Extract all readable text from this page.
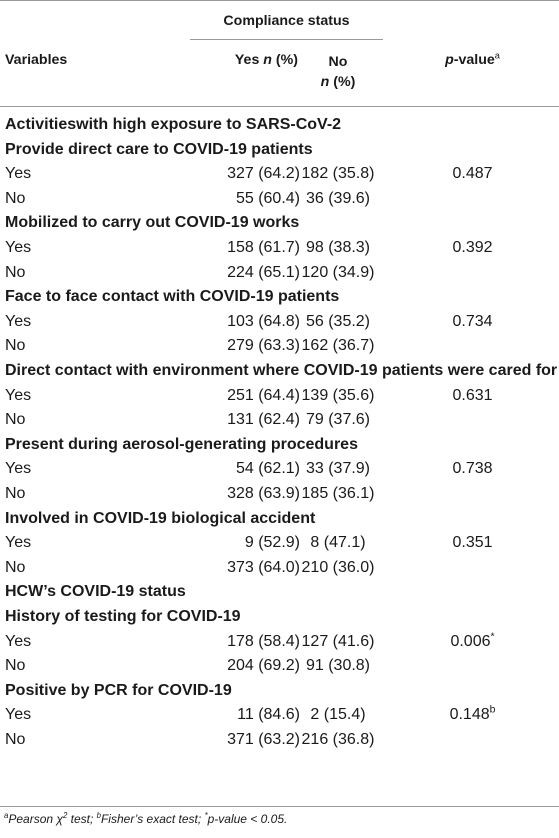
Compliance status
Variables	Yes n (%)	No
n (%)
p-value$^a$
Activitieswith high exposure to SARS-CoV-2
Provide direct care to COVID-19 patients
Yes	327 (64.2) 182 (35.8)	0.487
No	55 (60.4) 36 (39.6)
Mobilized to carry out COVID-19 works
Yes	158 (61.7) 98 (38.3)	0.392
No	224 (65.1) 120 (34.9)
Face to face contact with COVID-19 patients
Yes	103 (64.8) 56 (35.2)	0.734
No	279 (63.3) 162 (36.7)
Direct contact with environment where COVID-19 patients were cared for
Yes	251 (64.4) 139 (35.6)	0.631
No	131 (62.4) 79 (37.6)
Present during aerosol-generating procedures
Yes	54 (62.1) 33 (37.9)	0.738
No	328 (63.9) 185 (36.1)
Involved in COVID-19 biological accident
Yes	9 (52.9) 8 (47.1)	0.351
No	373 (64.0) 210 (36.0)
HCW’s COVID-19 status
History of testing for COVID-19
Yes	178 (58.4) 127 (41.6)	0.006*
No	204 (69.2) 91 (30.8)
Positive by PCR for COVID-19
Yes	11 (84.6) 2 (15.4)	0.148$^b$
No	371 (63.2) 216 (36.8)
$^a$Pearson $\chi^2$ test; $^b$Fisher’s exact test; *p-value < 0.05.
